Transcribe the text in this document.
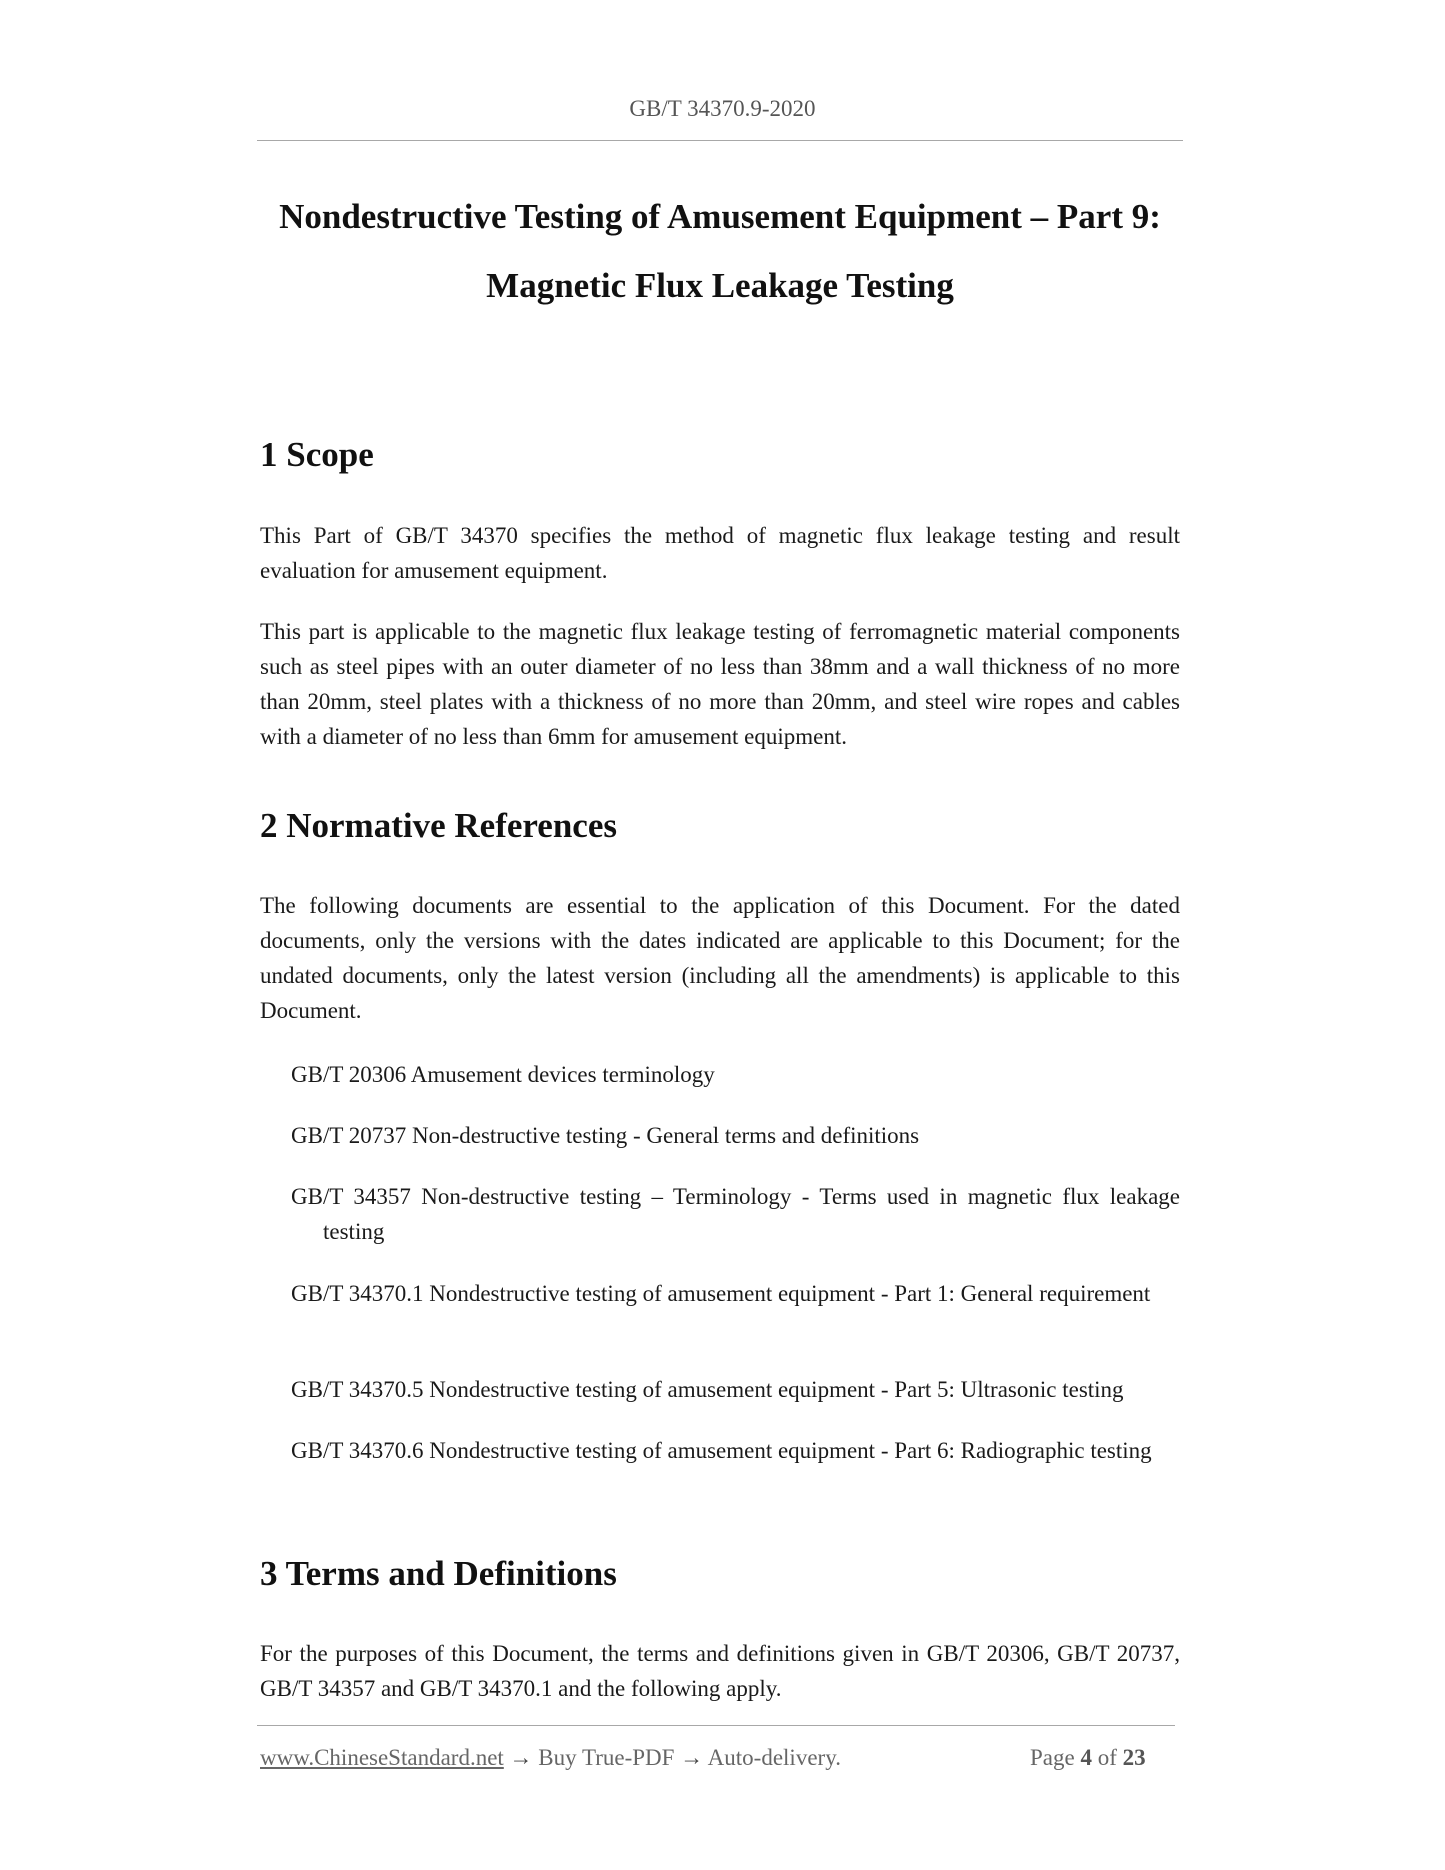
GB/T 34370.9-2020
Nondestructive Testing of Amusement Equipment – Part 9:
Magnetic Flux Leakage Testing
1 Scope
This Part of GB/T 34370 specifies the method of magnetic flux leakage testing and result evaluation for amusement equipment.
This part is applicable to the magnetic flux leakage testing of ferromagnetic material components such as steel pipes with an outer diameter of no less than 38mm and a wall thickness of no more than 20mm, steel plates with a thickness of no more than 20mm, and steel wire ropes and cables with a diameter of no less than 6mm for amusement equipment.
2 Normative References
The following documents are essential to the application of this Document. For the dated documents, only the versions with the dates indicated are applicable to this Document; for the undated documents, only the latest version (including all the amendments) is applicable to this Document.
GB/T 20306 Amusement devices terminology
GB/T 20737 Non-destructive testing - General terms and definitions
GB/T 34357 Non-destructive testing – Terminology - Terms used in magnetic flux leakage testing
GB/T 34370.1 Nondestructive testing of amusement equipment - Part 1: General requirement
GB/T 34370.5 Nondestructive testing of amusement equipment - Part 5: Ultrasonic testing
GB/T 34370.6 Nondestructive testing of amusement equipment - Part 6: Radiographic testing
3 Terms and Definitions
For the purposes of this Document, the terms and definitions given in GB/T 20306, GB/T 20737, GB/T 34357 and GB/T 34370.1 and the following apply.
www.ChineseStandard.net → Buy True-PDF → Auto-delivery.	Page 4 of 23
